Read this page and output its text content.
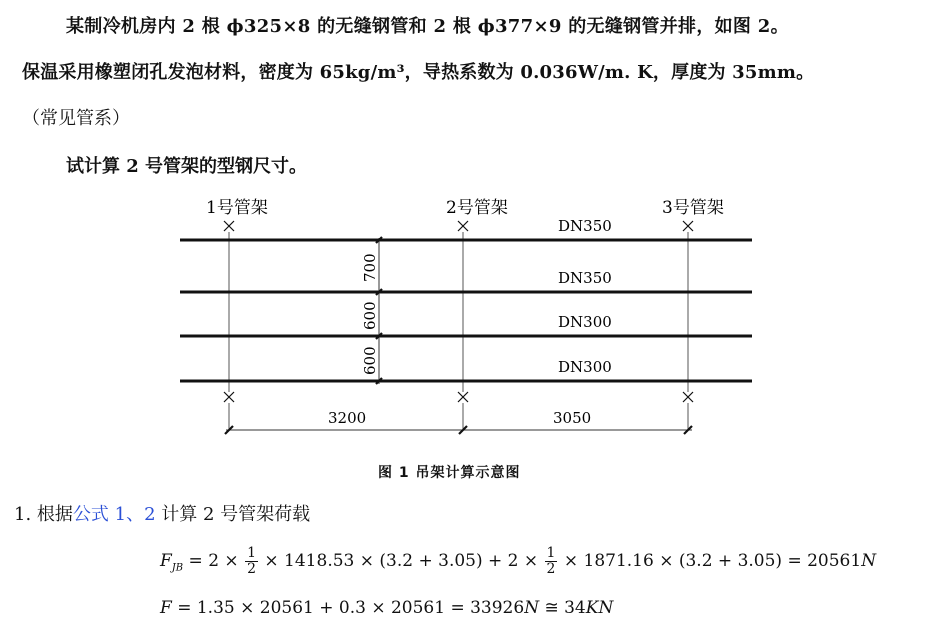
某制冷机房内 2 根 ϕ325×8 的无缝钢管和 2 根 ϕ377×9 的无缝钢管并排，如图 2。
保温采用橡塑闭孔发泡材料，密度为 65kg/m³，导热系数为 0.036W/m. K，厚度为 35mm。
（常见管系）
试计算 2 号管架的型钢尺寸。
1号管架	2号管架	3号管架
DN350
DN350
DN300
DN300
700
600
600
3200	3050
图 1 吊架计算示意图
1. 根据公式 1、2 计算 2 号管架荷载
$F_{JB} = 2 \times \frac{1}{2} \times 1418.53 \times (3.2 + 3.05) + 2 \times \frac{1}{2} \times 1871.16 \times (3.2 + 3.05) = 20561N$
F = 1.35 × 20561 + 0.3 × 20561 = 33926N ≅ 34KN
